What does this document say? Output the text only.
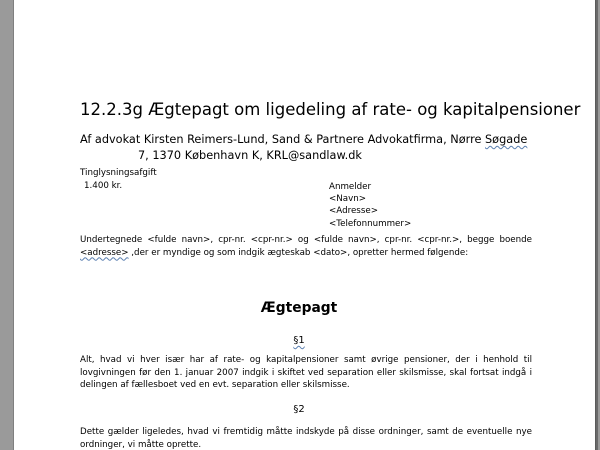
12.2.3g Ægtepagt om ligedeling af rate- og kapitalpensioner
Af advokat Kirsten Reimers-Lund, Sand & Partnere Advokatfirma, Nørre Søgade
7, 1370 København K, KRL@sandlaw.dk
Tinglysningsafgift
1.400 kr.	Anmelder
<Navn>
<Adresse>
<Telefonnummer>
Undertegnede <fulde navn>, cpr-nr. <cpr-nr.> og <fulde navn>, cpr-nr. <cpr-nr.>, begge boende <adresse> ,der er myndige og som indgik ægteskab <dato>, opretter hermed følgende:
Ægtepagt
§1
Alt, hvad vi hver især har af rate- og kapitalpensioner samt øvrige pensioner, der i henhold til lovgivningen før den 1. januar 2007 indgik i skiftet ved separation eller skilsmisse, skal fortsat indgå i delingen af fællesboet ved en evt. separation eller skilsmisse.
§2
Dette gælder ligeledes, hvad vi fremtidig måtte indskyde på disse ordninger, samt de eventuelle nye ordninger, vi måtte oprette.
